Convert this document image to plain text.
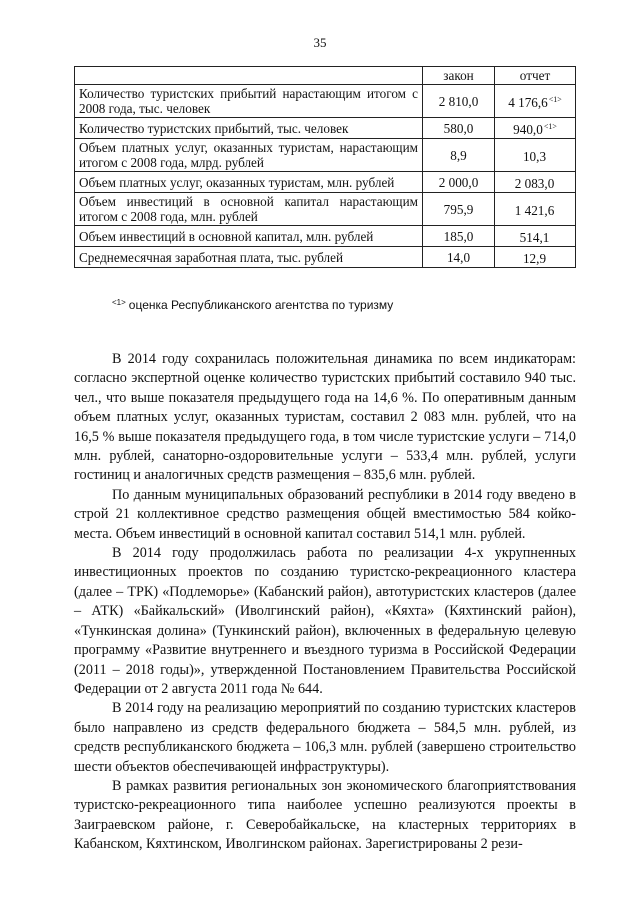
35
	закон	отчет
Количество туристских прибытий нарастающим итогом с 2008 года, тыс. человек	2 810,0	4 176,6$^{<1>}$
Количество туристских прибытий, тыс. человек	580,0	940,0$^{<1>}$
Объем платных услуг, оказанных туристам, нарастающим итогом с 2008 года, млрд. рублей	8,9	10,3
Объем платных услуг, оказанных туристам, млн. рублей	2 000,0	2 083,0
Объем инвестиций в основной капитал нарастающим итогом с 2008 года, млн. рублей	795,9	1 421,6
Объем инвестиций в основной капитал, млн. рублей	185,0	514,1
Среднемесячная заработная плата, тыс. рублей	14,0	12,9
$^{<1>}$ оценка Республиканского агентства по туризму

В 2014 году сохранилась положительная динамика по всем индикаторам: согласно экспертной оценке количество туристских прибытий составило 940 тыс. чел., что выше показателя предыдущего года на 14,6 %. По оперативным данным объем платных услуг, оказанных туристам, составил 2 083 млн. рублей, что на 16,5 % выше показателя предыдущего года, в том числе туристские услуги – 714,0 млн. рублей, санаторно-оздоровительные услуги – 533,4 млн. рублей, услуги гостиниц и аналогичных средств размещения – 835,6 млн. рублей.

По данным муниципальных образований республики в 2014 году введено в строй 21 коллективное средство размещения общей вместимостью 584 койко-места. Объем инвестиций в основной капитал составил 514,1 млн. рублей.

В 2014 году продолжилась работа по реализации 4-х укрупненных инвестиционных проектов по созданию туристско-рекреационного кластера (далее – ТРК) «Подлеморье» (Кабанский район), автотуристских кластеров (далее – АТК) «Байкальский» (Иволгинский район), «Кяхта» (Кяхтинский район), «Тункинская долина» (Тункинский район), включенных в федеральную целевую программу «Развитие внутреннего и въездного туризма в Российской Федерации (2011 – 2018 годы)», утвержденной Постановлением Правительства Российской Федерации от 2 августа 2011 года № 644.

В 2014 году на реализацию мероприятий по созданию туристских кластеров было направлено из средств федерального бюджета – 584,5 млн. рублей, из средств республиканского бюджета – 106,3 млн. рублей (завершено строительство шести объектов обеспечивающей инфраструктуры).

В рамках развития региональных зон экономического благоприятствования туристско-рекреационного типа наиболее успешно реализуются проекты в Заиграевском районе, г. Северобайкальске, на кластерных территориях в Кабанском, Кяхтинском, Иволгинском районах. Зарегистрированы 2 рези-
